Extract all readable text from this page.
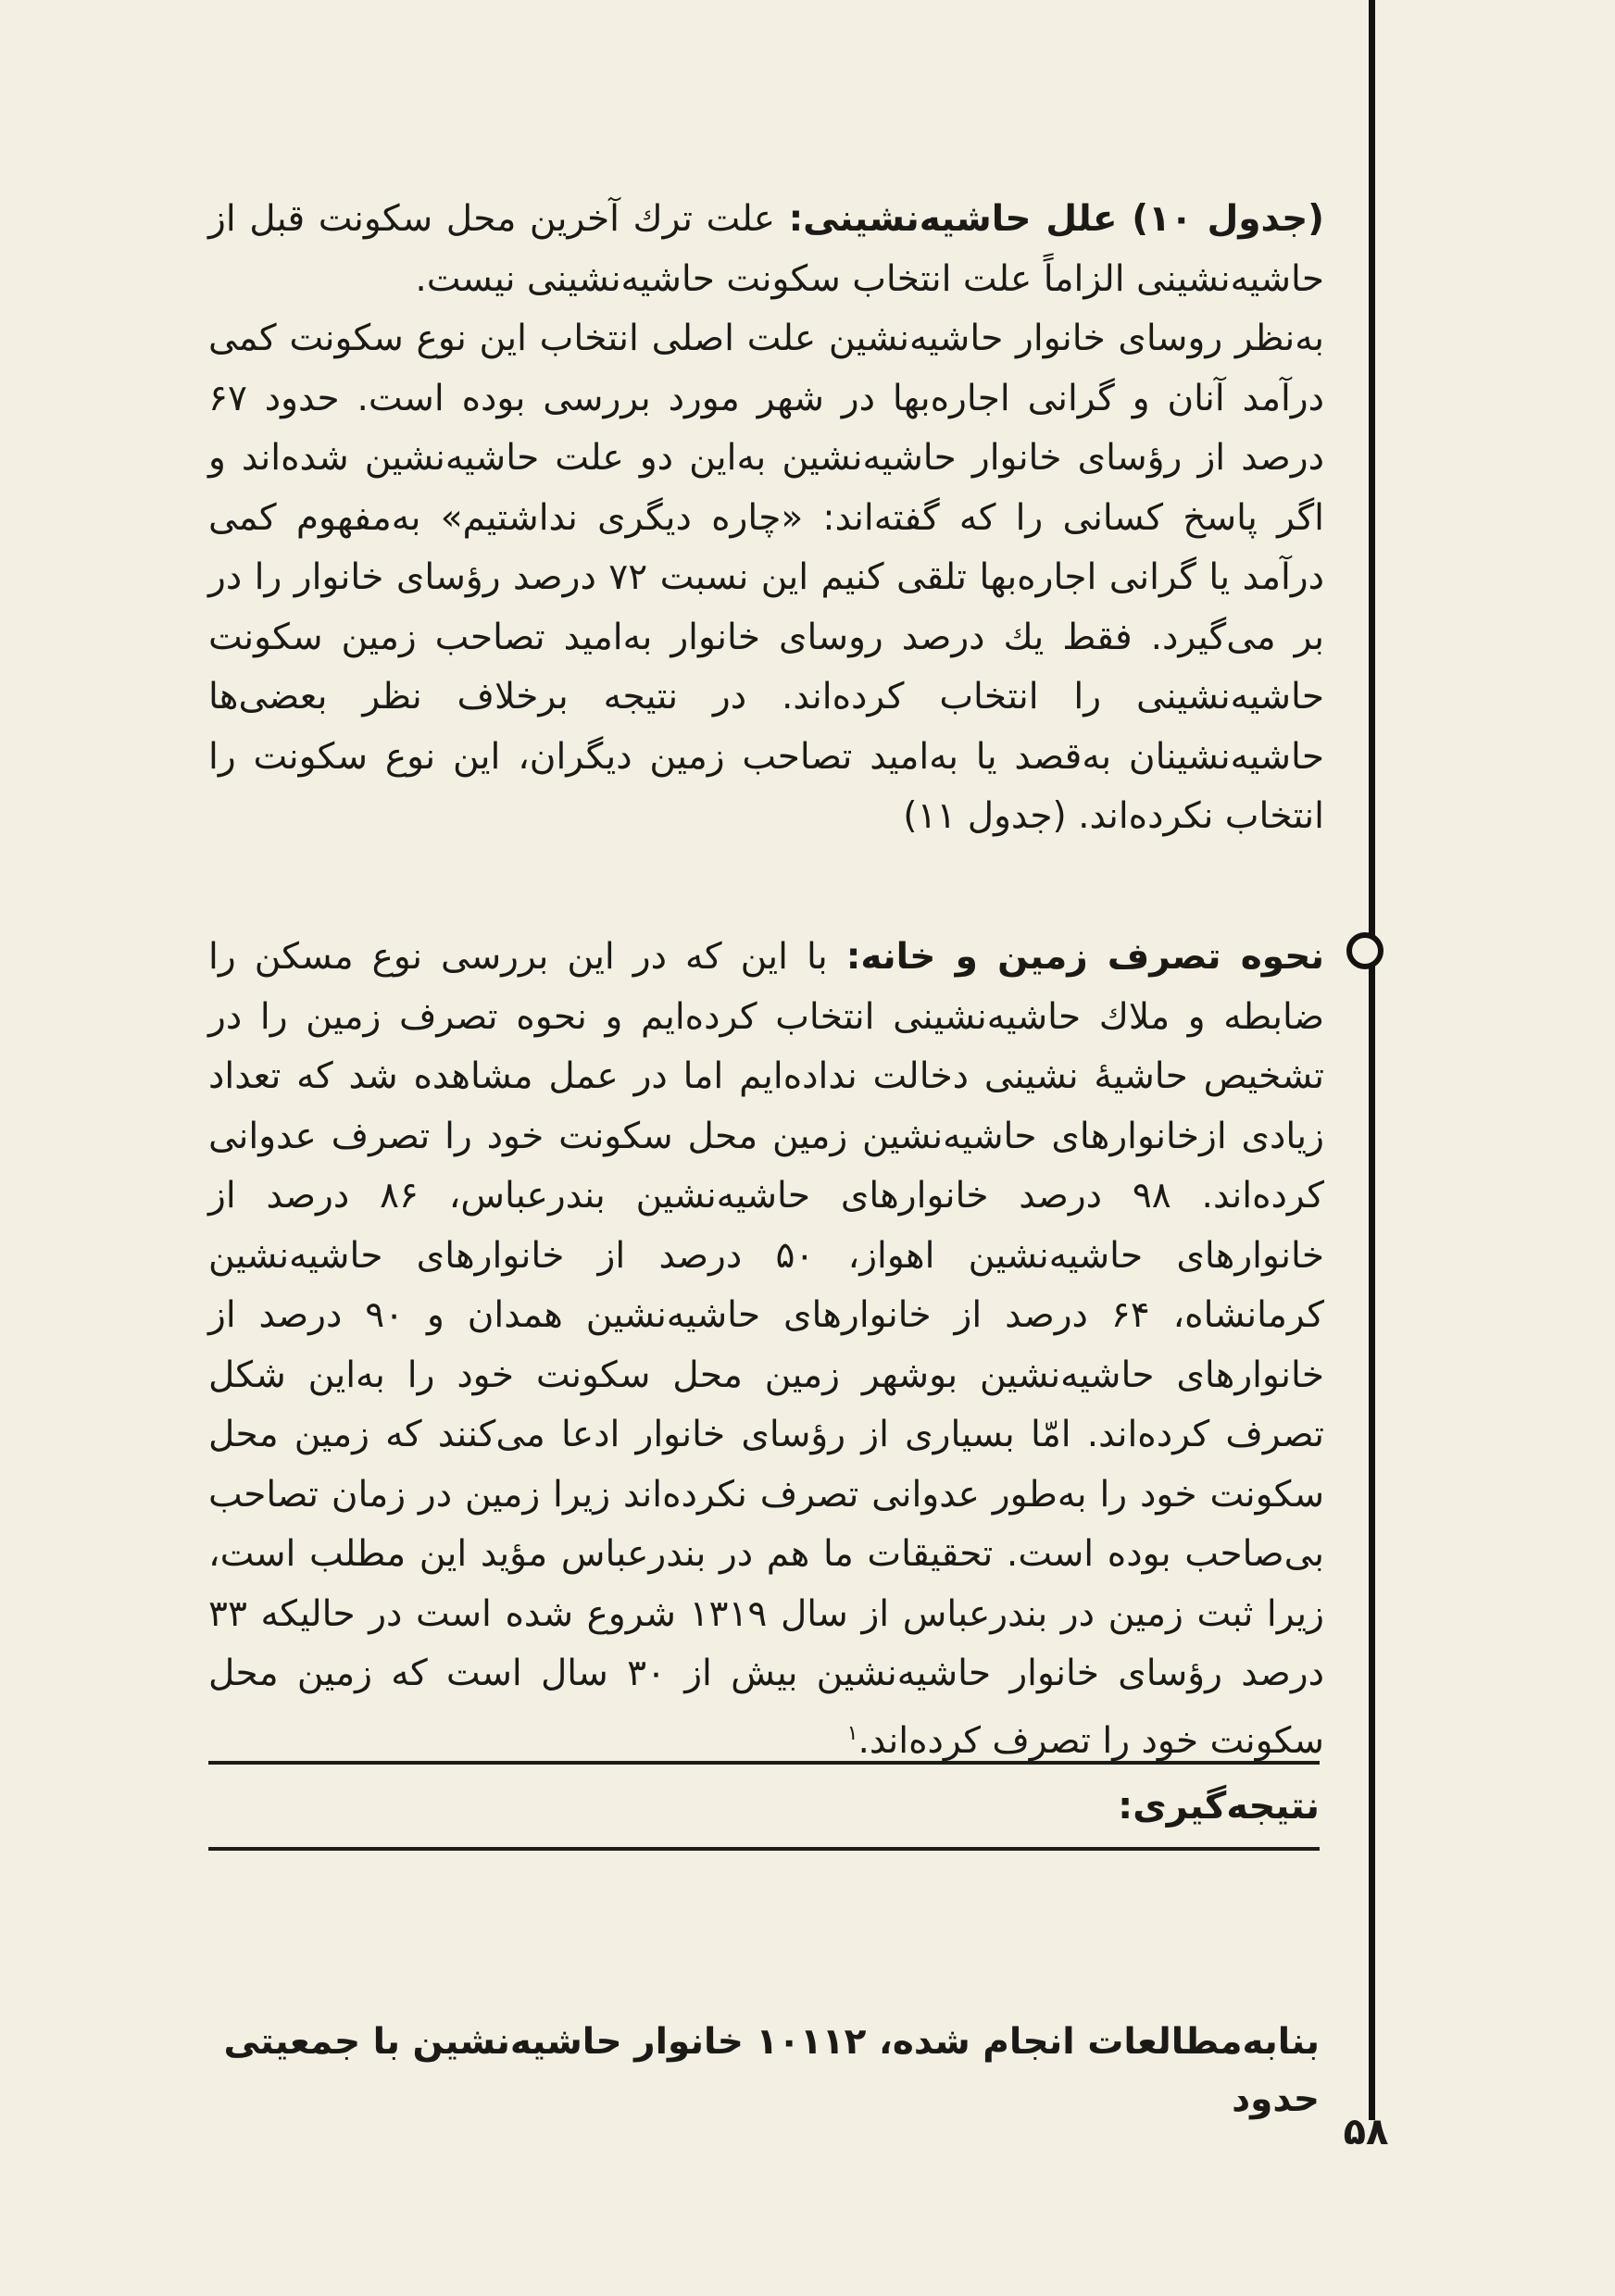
(جدول ۱۰) علل حاشیه‌نشینی: علت ترك آخرین محل سکونت قبل از حاشیه‌نشینی الزاماً علت انتخاب سکونت حاشیه‌نشینی نیست.

به‌نظر روسای خانوار حاشیه‌نشین علت اصلی انتخاب این نوع سکونت کمی درآمد آنان و گرانی اجاره‌بها در شهر مورد بررسی بوده است. حدود ۶۷ درصد از رؤسای خانوار حاشیه‌نشین به‌این دو علت حاشیه‌نشین شده‌اند و اگر پاسخ کسانی را که گفته‌اند: «چاره دیگری نداشتیم» به‌مفهوم کمی درآمد یا گرانی اجاره‌بها تلقی کنیم این نسبت ۷۲ درصد رؤسای خانوار را در بر می‌گیرد. فقط یك درصد روسای خانوار به‌امید تصاحب زمین سکونت حاشیه‌نشینی را انتخاب کرده‌اند. در نتیجه برخلاف نظر بعضی‌ها حاشیه‌نشینان به‌قصد یا به‌امید تصاحب زمین دیگران، این نوع سکونت را انتخاب نکرده‌اند. (جدول ۱۱)

نحوه تصرف زمین و خانه: با این که در این بررسی نوع مسکن را ضابطه و ملاك حاشیه‌نشینی انتخاب کرده‌ایم و نحوه تصرف زمین را در تشخیص حاشیهٔ نشینی دخالت نداده‌ایم اما در عمل مشاهده شد که تعداد زیادی ازخانوارهای حاشیه‌نشین زمین محل سکونت خود را تصرف عدوانی کرده‌اند. ۹۸ درصد خانوارهای حاشیه‌نشین بندرعباس، ۸۶ درصد از خانوارهای حاشیه‌نشین اهواز، ۵۰ درصد از خانوارهای حاشیه‌نشین کرمانشاه، ۶۴ درصد از خانوارهای حاشیه‌نشین همدان و ۹۰ درصد از خانوارهای حاشیه‌نشین بوشهر زمین محل سکونت خود را به‌این شکل تصرف کرده‌اند. امّا بسیاری از رؤسای خانوار ادعا می‌کنند که زمین محل سکونت خود را به‌طور عدوانی تصرف نکرده‌اند زیرا زمین در زمان تصاحب بی‌صاحب بوده است. تحقیقات ما هم در بندرعباس مؤید این مطلب است، زیرا ثبت زمین در بندرعباس از سال ۱۳۱۹ شروع شده است در حالیکه ۳۳ درصد رؤسای خانوار حاشیه‌نشین بیش از ۳۰ سال است که زمین محل سکونت خود را تصرف کرده‌اند.$^۱$

نتیجه‌گیری:
بنابه‌مطالعات انجام شده، ۱۰۱۱۲ خانوار حاشیه‌نشین با جمعیتی حدود
۵۸
